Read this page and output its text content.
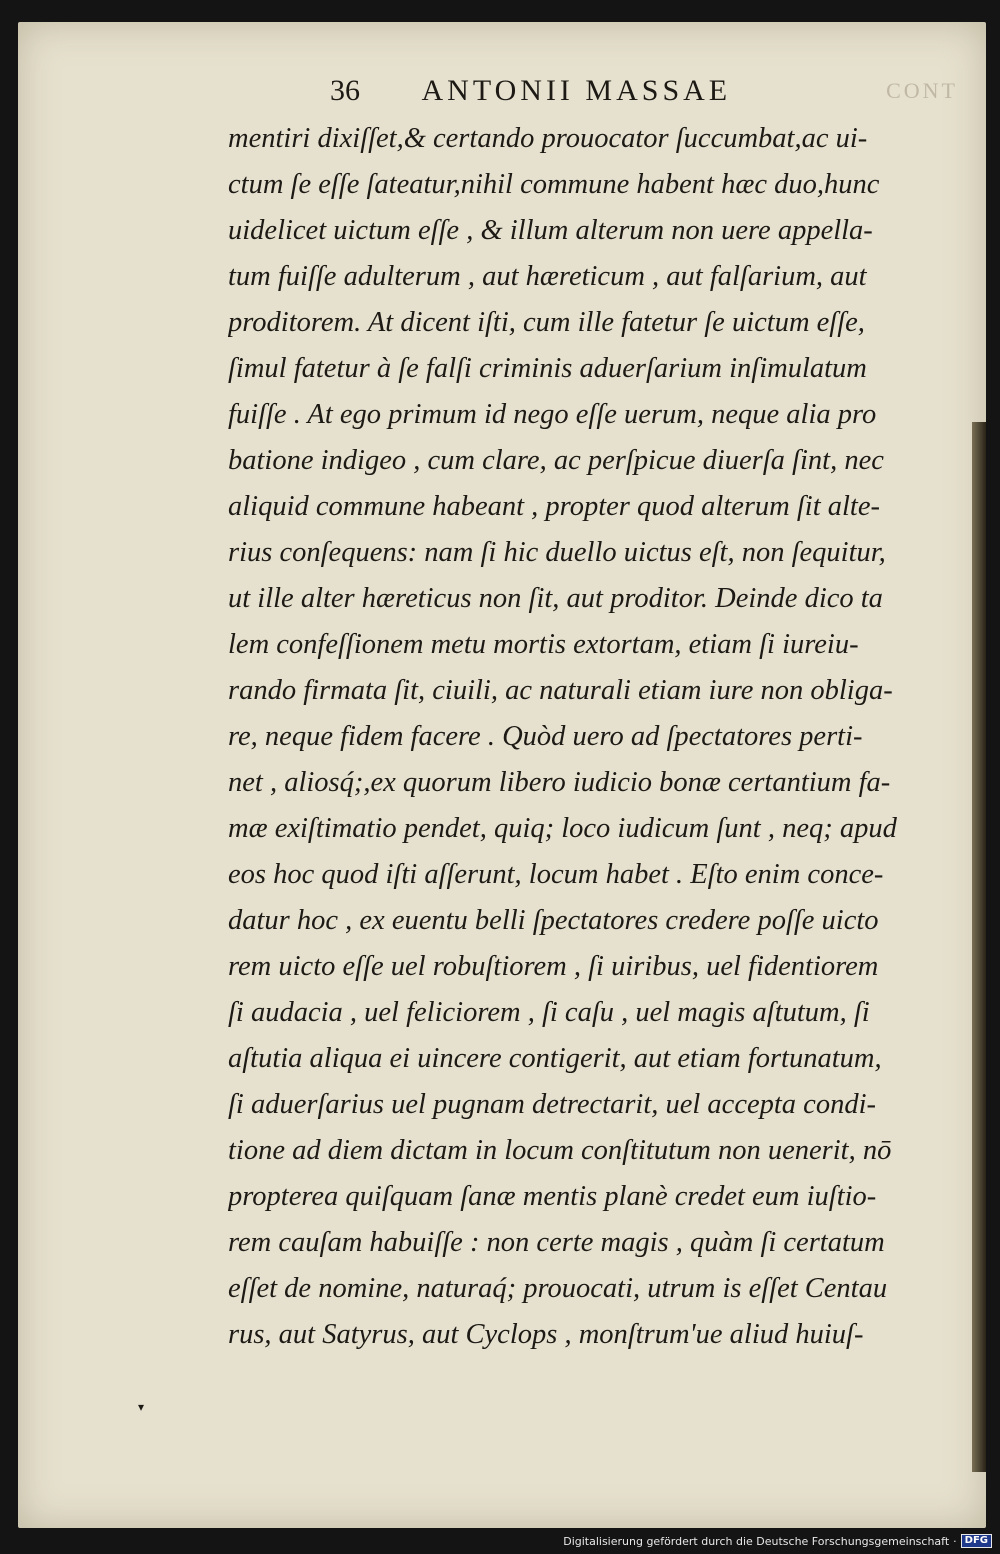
CONT
36 ANTONII MASSAE
mentiri dixiſſet,& certando prouocator ſuccumbat,ac ui-
ctum ſe eſſe ſateatur,nihil commune habent hæc duo,hunc
uidelicet uictum eſſe , & illum alterum non uere appella-
tum fuiſſe adulterum , aut hæreticum , aut falſarium, aut
proditorem. At dicent iſti, cum ille fatetur ſe uictum eſſe,
ſimul fatetur à ſe falſi criminis aduerſarium inſimulatum
fuiſſe . At ego primum id nego eſſe uerum, neque alia pro
batione indigeo , cum clare, ac perſpicue diuerſa ſint, nec
aliquid commune habeant , propter quod alterum ſit alte-
rius conſequens: nam ſi hic duello uictus eſt, non ſequitur,
ut ille alter hæreticus non ſit, aut proditor. Deinde dico ta
lem confeſſionem metu mortis extortam, etiam ſi iureiu-
rando firmata ſit, ciuili, ac naturali etiam iure non obliga-
re, neque fidem facere . Quòd uero ad ſpectatores perti-
net , aliosq́;,ex quorum libero iudicio bonæ certantium fa-
mæ exiſtimatio pendet, quiq; loco iudicum ſunt , neq; apud
eos hoc quod iſti aſſerunt, locum habet . Eſto enim conce-
datur hoc , ex euentu belli ſpectatores credere poſſe uicto
rem uicto eſſe uel robuſtiorem , ſi uiribus, uel fidentiorem
ſi audacia , uel feliciorem , ſi caſu , uel magis aſtutum, ſi
aſtutia aliqua ei uincere contigerit, aut etiam fortunatum,
ſi aduerſarius uel pugnam detrectarit, uel accepta condi-
tione ad diem dictam in locum conſtitutum non uenerit, nō
propterea quiſquam ſanæ mentis planè credet eum iuſtio-
rem cauſam habuiſſe : non certe magis , quàm ſi certatum
eſſet de nomine, naturaq́; prouocati, utrum is eſſet Centau
rus, aut Satyrus, aut Cyclops , monſtrum'ue aliud huiuſ-
▾
Digitalisierung gefördert durch die Deutsche Forschungsgemeinschaft · DFG
